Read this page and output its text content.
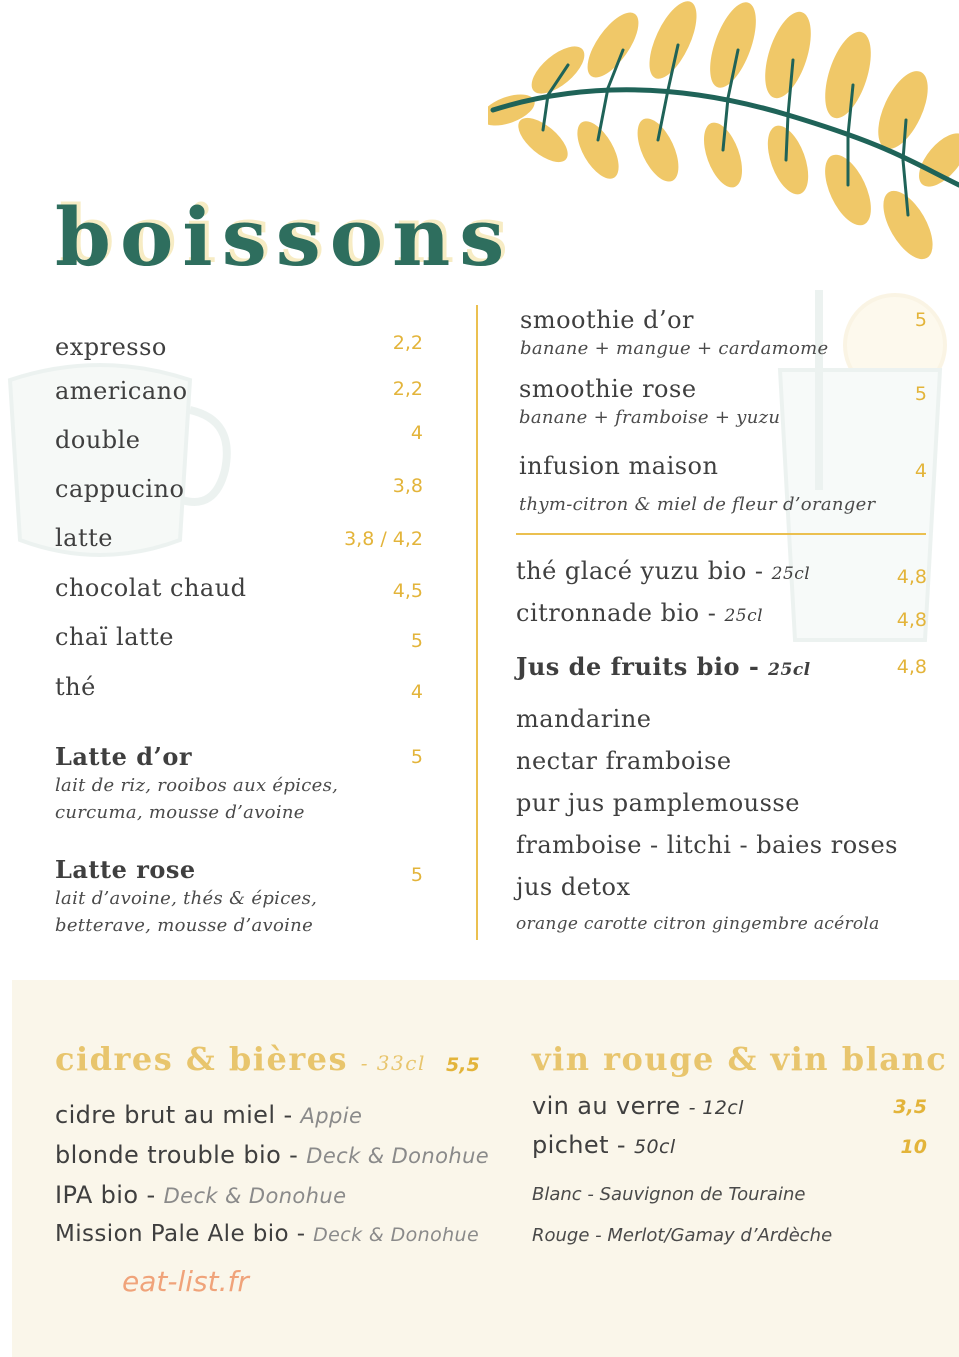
boissons
expresso	2,2
americano	2,2
double	4
cappucino	3,8
latte	3,8 / 4,2
chocolat chaud	4,5
chaï latte	5
thé	4
Latte d’or	5
lait de riz, rooibos aux épices,
curcuma, mousse d’avoine
Latte rose	5
lait d’avoine, thés & épices,
betterave, mousse d’avoine
smoothie d’or	5
banane + mangue + cardamome
smoothie rose	5
banane + framboise + yuzu
infusion maison	4
thym-citron & miel de fleur d’oranger
thé glacé yuzu bio - 25cl	4,8
citronnade bio - 25cl	4,8
Jus de fruits bio - 25cl	4,8
mandarine
nectar framboise
pur jus pamplemousse
framboise - litchi - baies roses
jus detox
orange carotte citron gingembre acérola
cidres & bières - 33cl 5,5
cidre brut au miel - Appie
blonde trouble bio - Deck & Donohue
IPA bio - Deck & Donohue
Mission Pale Ale bio - Deck & Donohue
vin rouge & vin blanc
vin au verre - 12cl	3,5
pichet - 50cl	10
Blanc - Sauvignon de Touraine
Rouge - Merlot/Gamay d’Ardèche
eat-list.fr
